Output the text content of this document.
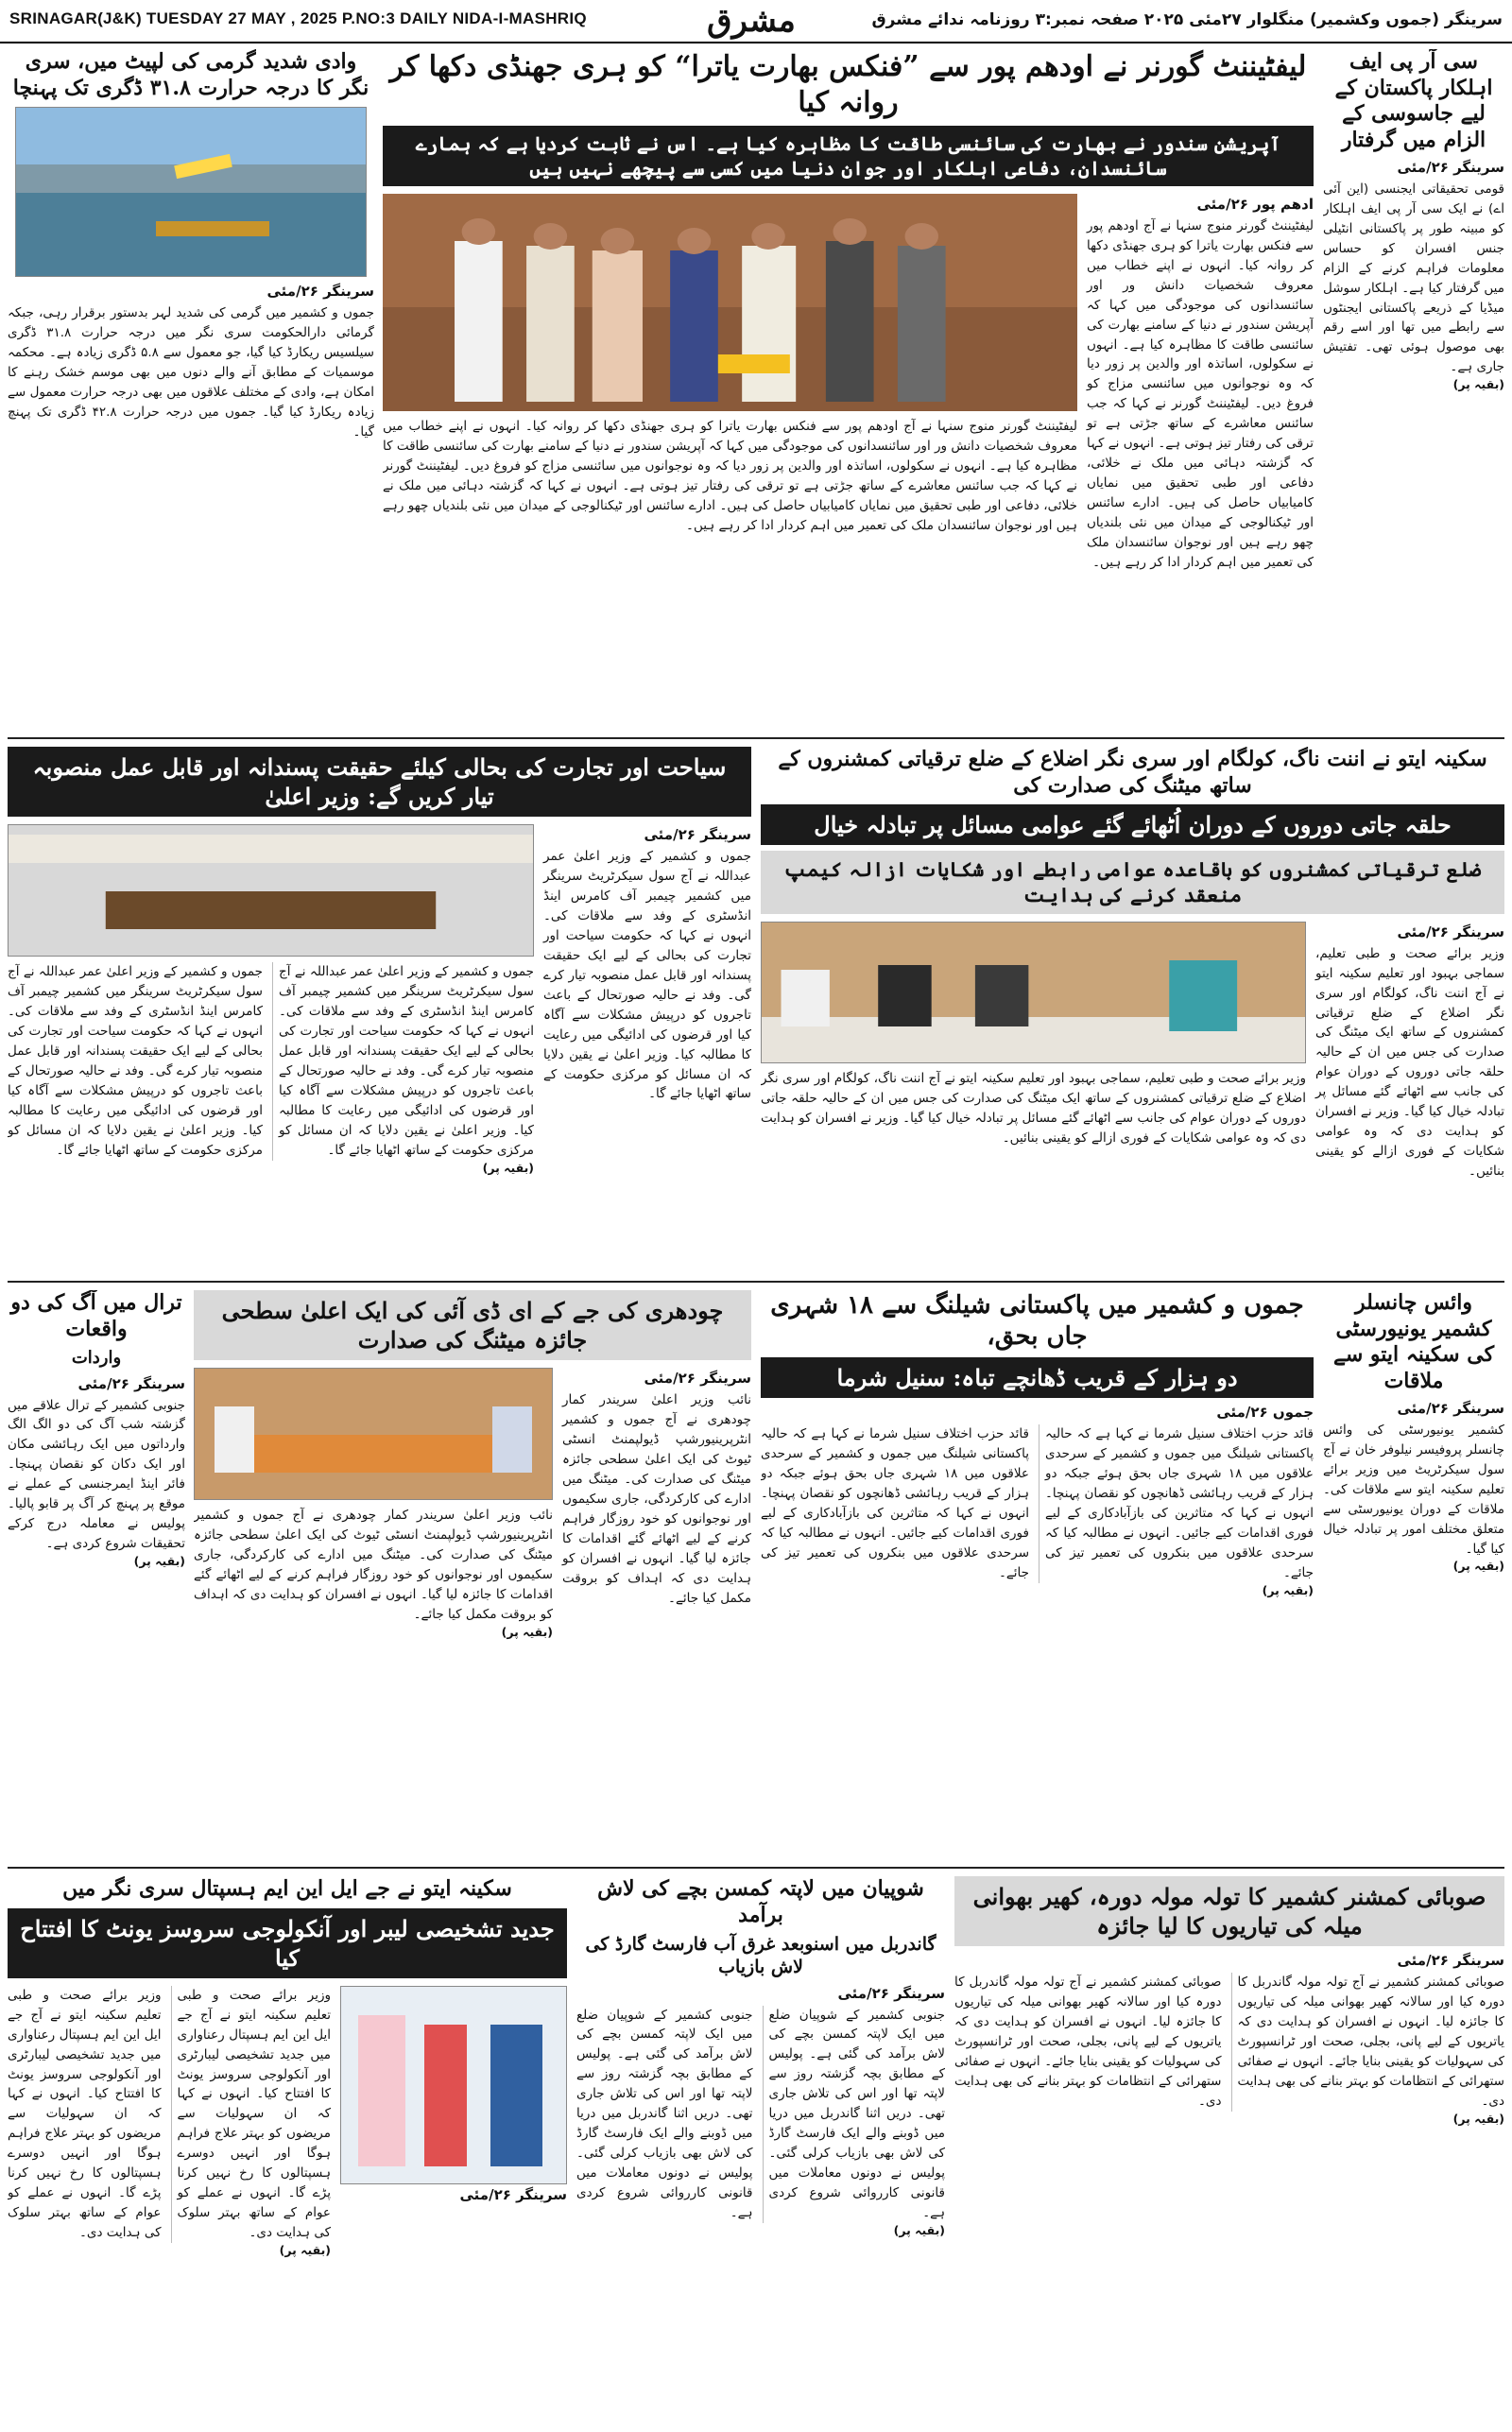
SRINAGAR(J&K) TUESDAY 27 MAY , 2025 P.NO:3 DAILY NIDA-I-MASHRIQ	مشرق	سرینگر (جموں وکشمیر) منگلوار ۲۷مئی ۲۰۲۵ صفحہ نمبر:۳ روزنامہ ندائے مشرق
سی آر پی ایف اہلکار پاکستان کے لیے جاسوسی کے الزام میں گرفتار
سرینگر ۲۶/مئی
قومی تحقیقاتی ایجنسی (این آئی اے) نے ایک سی آر پی ایف اہلکار کو مبینہ طور پر پاکستانی انٹیلی جنس افسران کو حساس معلومات فراہم کرنے کے الزام میں گرفتار کیا ہے۔ اہلکار سوشل میڈیا کے ذریعے پاکستانی ایجنٹوں سے رابطے میں تھا اور اسے رقم بھی موصول ہوئی تھی۔ تفتیش جاری ہے۔
(بقیہ پر)
لیفٹیننٹ گورنر نے اودھم پور سے ”فنکس بھارت یاترا“ کو ہری جھنڈی دکھا کر روانہ کیا
آپریشن سندور نے بھارت کی سائنسی طاقت کا مظاہرہ کیا ہے۔ اس نے ثابت کردیا ہے کہ ہمارے سائنسدان، دفاعی اہلکار اور جوان دنیا میں کسی سے پیچھے نہیں ہیں
ادھم پور ۲۶/مئی
لیفٹیننٹ گورنر منوج سنہا نے آج اودھم پور سے فنکس بھارت یاترا کو ہری جھنڈی دکھا کر روانہ کیا۔ انہوں نے اپنے خطاب میں معروف شخصیات دانش ور اور سائنسدانوں کی موجودگی میں کہا کہ آپریشن سندور نے دنیا کے سامنے بھارت کی سائنسی طاقت کا مظاہرہ کیا ہے۔ انہوں نے سکولوں، اساتذہ اور والدین پر زور دیا کہ وہ نوجوانوں میں سائنسی مزاج کو فروغ دیں۔ لیفٹیننٹ گورنر نے کہا کہ جب سائنس معاشرے کے ساتھ جڑتی ہے تو ترقی کی رفتار تیز ہوتی ہے۔ انہوں نے کہا کہ گزشتہ دہائی میں ملک نے خلائی، دفاعی اور طبی تحقیق میں نمایاں کامیابیاں حاصل کی ہیں۔ ادارے سائنس اور ٹیکنالوجی کے میدان میں نئی بلندیاں چھو رہے ہیں اور نوجوان سائنسدان ملک کی تعمیر میں اہم کردار ادا کر رہے ہیں۔
لیفٹیننٹ گورنر منوج سنہا نے آج اودھم پور سے فنکس بھارت یاترا کو ہری جھنڈی دکھا کر روانہ کیا۔ انہوں نے اپنے خطاب میں معروف شخصیات دانش ور اور سائنسدانوں کی موجودگی میں کہا کہ آپریشن سندور نے دنیا کے سامنے بھارت کی سائنسی طاقت کا مظاہرہ کیا ہے۔ انہوں نے سکولوں، اساتذہ اور والدین پر زور دیا کہ وہ نوجوانوں میں سائنسی مزاج کو فروغ دیں۔ لیفٹیننٹ گورنر نے کہا کہ جب سائنس معاشرے کے ساتھ جڑتی ہے تو ترقی کی رفتار تیز ہوتی ہے۔ انہوں نے کہا کہ گزشتہ دہائی میں ملک نے خلائی، دفاعی اور طبی تحقیق میں نمایاں کامیابیاں حاصل کی ہیں۔ ادارے سائنس اور ٹیکنالوجی کے میدان میں نئی بلندیاں چھو رہے ہیں اور نوجوان سائنسدان ملک کی تعمیر میں اہم کردار ادا کر رہے ہیں۔
وادی شدید گرمی کی لپیٹ میں، سری نگر کا درجہ حرارت ۳۱.۸ ڈگری تک پہنچا
سرینگر ۲۶/مئی
جموں و کشمیر میں گرمی کی شدید لہر بدستور برقرار رہی، جبکہ گرمائی دارالحکومت سری نگر میں درجہ حرارت ۳۱.۸ ڈگری سیلسیس ریکارڈ کیا گیا، جو معمول سے ۵.۸ ڈگری زیادہ ہے۔ محکمہ موسمیات کے مطابق آنے والے دنوں میں بھی موسم خشک رہنے کا امکان ہے، وادی کے مختلف علاقوں میں بھی درجہ حرارت معمول سے زیادہ ریکارڈ کیا گیا۔ جموں میں درجہ حرارت ۴۲.۸ ڈگری تک پہنچ گیا۔
سکینہ ایتو نے اننت ناگ، کولگام اور سری نگر اضلاع کے ضلع ترقیاتی کمشنروں کے ساتھ میٹنگ کی صدارت کی
حلقہ جاتی دوروں کے دوران اُٹھائے گئے عوامی مسائل پر تبادلہ خیال
ضلع ترقیاتی کمشنروں کو باقاعدہ عوامی رابطے اور شکایات ازالہ کیمپ منعقد کرنے کی ہدایت
سرینگر ۲۶/مئی
وزیر برائے صحت و طبی تعلیم، سماجی بہبود اور تعلیم سکینہ ایتو نے آج اننت ناگ، کولگام اور سری نگر اضلاع کے ضلع ترقیاتی کمشنروں کے ساتھ ایک میٹنگ کی صدارت کی جس میں ان کے حالیہ حلقہ جاتی دوروں کے دوران عوام کی جانب سے اٹھائے گئے مسائل پر تبادلہ خیال کیا گیا۔ وزیر نے افسران کو ہدایت دی کہ وہ عوامی شکایات کے فوری ازالے کو یقینی بنائیں۔
وزیر برائے صحت و طبی تعلیم، سماجی بہبود اور تعلیم سکینہ ایتو نے آج اننت ناگ، کولگام اور سری نگر اضلاع کے ضلع ترقیاتی کمشنروں کے ساتھ ایک میٹنگ کی صدارت کی جس میں ان کے حالیہ حلقہ جاتی دوروں کے دوران عوام کی جانب سے اٹھائے گئے مسائل پر تبادلہ خیال کیا گیا۔ وزیر نے افسران کو ہدایت دی کہ وہ عوامی شکایات کے فوری ازالے کو یقینی بنائیں۔
سیاحت اور تجارت کی بحالی کیلئے حقیقت پسندانہ اور قابل عمل منصوبہ تیار کریں گے: وزیر اعلیٰ
سرینگر ۲۶/مئی
جموں و کشمیر کے وزیر اعلیٰ عمر عبداللہ نے آج سول سیکرٹریٹ سرینگر میں کشمیر چیمبر آف کامرس اینڈ انڈسٹری کے وفد سے ملاقات کی۔ انہوں نے کہا کہ حکومت سیاحت اور تجارت کی بحالی کے لیے ایک حقیقت پسندانہ اور قابل عمل منصوبہ تیار کرے گی۔ وفد نے حالیہ صورتحال کے باعث تاجروں کو درپیش مشکلات سے آگاہ کیا اور قرضوں کی ادائیگی میں رعایت کا مطالبہ کیا۔ وزیر اعلیٰ نے یقین دلایا کہ ان مسائل کو مرکزی حکومت کے ساتھ اٹھایا جائے گا۔
جموں و کشمیر کے وزیر اعلیٰ عمر عبداللہ نے آج سول سیکرٹریٹ سرینگر میں کشمیر چیمبر آف کامرس اینڈ انڈسٹری کے وفد سے ملاقات کی۔ انہوں نے کہا کہ حکومت سیاحت اور تجارت کی بحالی کے لیے ایک حقیقت پسندانہ اور قابل عمل منصوبہ تیار کرے گی۔ وفد نے حالیہ صورتحال کے باعث تاجروں کو درپیش مشکلات سے آگاہ کیا اور قرضوں کی ادائیگی میں رعایت کا مطالبہ کیا۔ وزیر اعلیٰ نے یقین دلایا کہ ان مسائل کو مرکزی حکومت کے ساتھ اٹھایا جائے گا۔
جموں و کشمیر کے وزیر اعلیٰ عمر عبداللہ نے آج سول سیکرٹریٹ سرینگر میں کشمیر چیمبر آف کامرس اینڈ انڈسٹری کے وفد سے ملاقات کی۔ انہوں نے کہا کہ حکومت سیاحت اور تجارت کی بحالی کے لیے ایک حقیقت پسندانہ اور قابل عمل منصوبہ تیار کرے گی۔ وفد نے حالیہ صورتحال کے باعث تاجروں کو درپیش مشکلات سے آگاہ کیا اور قرضوں کی ادائیگی میں رعایت کا مطالبہ کیا۔ وزیر اعلیٰ نے یقین دلایا کہ ان مسائل کو مرکزی حکومت کے ساتھ اٹھایا جائے گا۔
(بقیہ پر)
وائس چانسلر کشمیر یونیورسٹی کی سکینہ ایتو سے ملاقات
سرینگر ۲۶/مئی
کشمیر یونیورسٹی کی وائس چانسلر پروفیسر نیلوفر خان نے آج سول سیکرٹریٹ میں وزیر برائے تعلیم سکینہ ایتو سے ملاقات کی۔ ملاقات کے دوران یونیورسٹی سے متعلق مختلف امور پر تبادلہ خیال کیا گیا۔
(بقیہ پر)
جموں و کشمیر میں پاکستانی شیلنگ سے ۱۸ شہری جاں بحق،
دو ہزار کے قریب ڈھانچے تباہ: سنیل شرما
جموں ۲۶/مئی
قائد حزب اختلاف سنیل شرما نے کہا ہے کہ حالیہ پاکستانی شیلنگ میں جموں و کشمیر کے سرحدی علاقوں میں ۱۸ شہری جاں بحق ہوئے جبکہ دو ہزار کے قریب رہائشی ڈھانچوں کو نقصان پہنچا۔ انہوں نے کہا کہ متاثرین کی بازآبادکاری کے لیے فوری اقدامات کیے جائیں۔ انہوں نے مطالبہ کیا کہ سرحدی علاقوں میں بنکروں کی تعمیر تیز کی جائے۔
قائد حزب اختلاف سنیل شرما نے کہا ہے کہ حالیہ پاکستانی شیلنگ میں جموں و کشمیر کے سرحدی علاقوں میں ۱۸ شہری جاں بحق ہوئے جبکہ دو ہزار کے قریب رہائشی ڈھانچوں کو نقصان پہنچا۔ انہوں نے کہا کہ متاثرین کی بازآبادکاری کے لیے فوری اقدامات کیے جائیں۔ انہوں نے مطالبہ کیا کہ سرحدی علاقوں میں بنکروں کی تعمیر تیز کی جائے۔
(بقیہ پر)
چودھری کی جے کے ای ڈی آئی کی ایک اعلیٰ سطحی جائزہ میٹنگ کی صدارت
سرینگر ۲۶/مئی
نائب وزیر اعلیٰ سریندر کمار چودھری نے آج جموں و کشمیر انٹرپرینیورشپ ڈیولپمنٹ انسٹی ٹیوٹ کی ایک اعلیٰ سطحی جائزہ میٹنگ کی صدارت کی۔ میٹنگ میں ادارے کی کارکردگی، جاری سکیموں اور نوجوانوں کو خود روزگار فراہم کرنے کے لیے اٹھائے گئے اقدامات کا جائزہ لیا گیا۔ انہوں نے افسران کو ہدایت دی کہ اہداف کو بروقت مکمل کیا جائے۔
نائب وزیر اعلیٰ سریندر کمار چودھری نے آج جموں و کشمیر انٹرپرینیورشپ ڈیولپمنٹ انسٹی ٹیوٹ کی ایک اعلیٰ سطحی جائزہ میٹنگ کی صدارت کی۔ میٹنگ میں ادارے کی کارکردگی، جاری سکیموں اور نوجوانوں کو خود روزگار فراہم کرنے کے لیے اٹھائے گئے اقدامات کا جائزہ لیا گیا۔ انہوں نے افسران کو ہدایت دی کہ اہداف کو بروقت مکمل کیا جائے۔
(بقیہ پر)
ترال میں آگ کی دو واقعات
واردات
سرینگر ۲۶/مئی
جنوبی کشمیر کے ترال علاقے میں گزشتہ شب آگ کی دو الگ الگ وارداتوں میں ایک رہائشی مکان اور ایک دکان کو نقصان پہنچا۔ فائر اینڈ ایمرجنسی کے عملے نے موقع پر پہنچ کر آگ پر قابو پالیا۔ پولیس نے معاملہ درج کرکے تحقیقات شروع کردی ہے۔
(بقیہ پر)
صوبائی کمشنر کشمیر کا تولہ مولہ دورہ، کھیر بھوانی میلہ کی تیاریوں کا لیا جائزہ
سرینگر ۲۶/مئی
صوبائی کمشنر کشمیر نے آج تولہ مولہ گاندربل کا دورہ کیا اور سالانہ کھیر بھوانی میلہ کی تیاریوں کا جائزہ لیا۔ انہوں نے افسران کو ہدایت دی کہ یاتریوں کے لیے پانی، بجلی، صحت اور ٹرانسپورٹ کی سہولیات کو یقینی بنایا جائے۔ انہوں نے صفائی ستھرائی کے انتظامات کو بہتر بنانے کی بھی ہدایت دی۔
صوبائی کمشنر کشمیر نے آج تولہ مولہ گاندربل کا دورہ کیا اور سالانہ کھیر بھوانی میلہ کی تیاریوں کا جائزہ لیا۔ انہوں نے افسران کو ہدایت دی کہ یاتریوں کے لیے پانی، بجلی، صحت اور ٹرانسپورٹ کی سہولیات کو یقینی بنایا جائے۔ انہوں نے صفائی ستھرائی کے انتظامات کو بہتر بنانے کی بھی ہدایت دی۔
(بقیہ پر)
شوپیان میں لاپتہ کمسن بچے کی لاش برآمد
گاندربل میں اسنوبعد غرق آب فارسٹ گارڈ کی لاش بازیاب
سرینگر ۲۶/مئی
جنوبی کشمیر کے شوپیان ضلع میں ایک لاپتہ کمسن بچے کی لاش برآمد کی گئی ہے۔ پولیس کے مطابق بچہ گزشتہ روز سے لاپتہ تھا اور اس کی تلاش جاری تھی۔ دریں اثنا گاندربل میں دریا میں ڈوبنے والے ایک فارسٹ گارڈ کی لاش بھی بازیاب کرلی گئی۔ پولیس نے دونوں معاملات میں قانونی کارروائی شروع کردی ہے۔
جنوبی کشمیر کے شوپیان ضلع میں ایک لاپتہ کمسن بچے کی لاش برآمد کی گئی ہے۔ پولیس کے مطابق بچہ گزشتہ روز سے لاپتہ تھا اور اس کی تلاش جاری تھی۔ دریں اثنا گاندربل میں دریا میں ڈوبنے والے ایک فارسٹ گارڈ کی لاش بھی بازیاب کرلی گئی۔ پولیس نے دونوں معاملات میں قانونی کارروائی شروع کردی ہے۔
(بقیہ پر)
سکینہ ایتو نے جے ایل این ایم ہسپتال سری نگر میں
جدید تشخیصی لیبر اور آنکولوجی سروسز یونٹ کا افتتاح کیا
سرینگر ۲۶/مئی
وزیر برائے صحت و طبی تعلیم سکینہ ایتو نے آج جے ایل این ایم ہسپتال رعناواری میں جدید تشخیصی لیبارٹری اور آنکولوجی سروسز یونٹ کا افتتاح کیا۔ انہوں نے کہا کہ ان سہولیات سے مریضوں کو بہتر علاج فراہم ہوگا اور انہیں دوسرے ہسپتالوں کا رخ نہیں کرنا پڑے گا۔ انہوں نے عملے کو عوام کے ساتھ بہتر سلوک کی ہدایت دی۔
وزیر برائے صحت و طبی تعلیم سکینہ ایتو نے آج جے ایل این ایم ہسپتال رعناواری میں جدید تشخیصی لیبارٹری اور آنکولوجی سروسز یونٹ کا افتتاح کیا۔ انہوں نے کہا کہ ان سہولیات سے مریضوں کو بہتر علاج فراہم ہوگا اور انہیں دوسرے ہسپتالوں کا رخ نہیں کرنا پڑے گا۔ انہوں نے عملے کو عوام کے ساتھ بہتر سلوک کی ہدایت دی۔
(بقیہ پر)
